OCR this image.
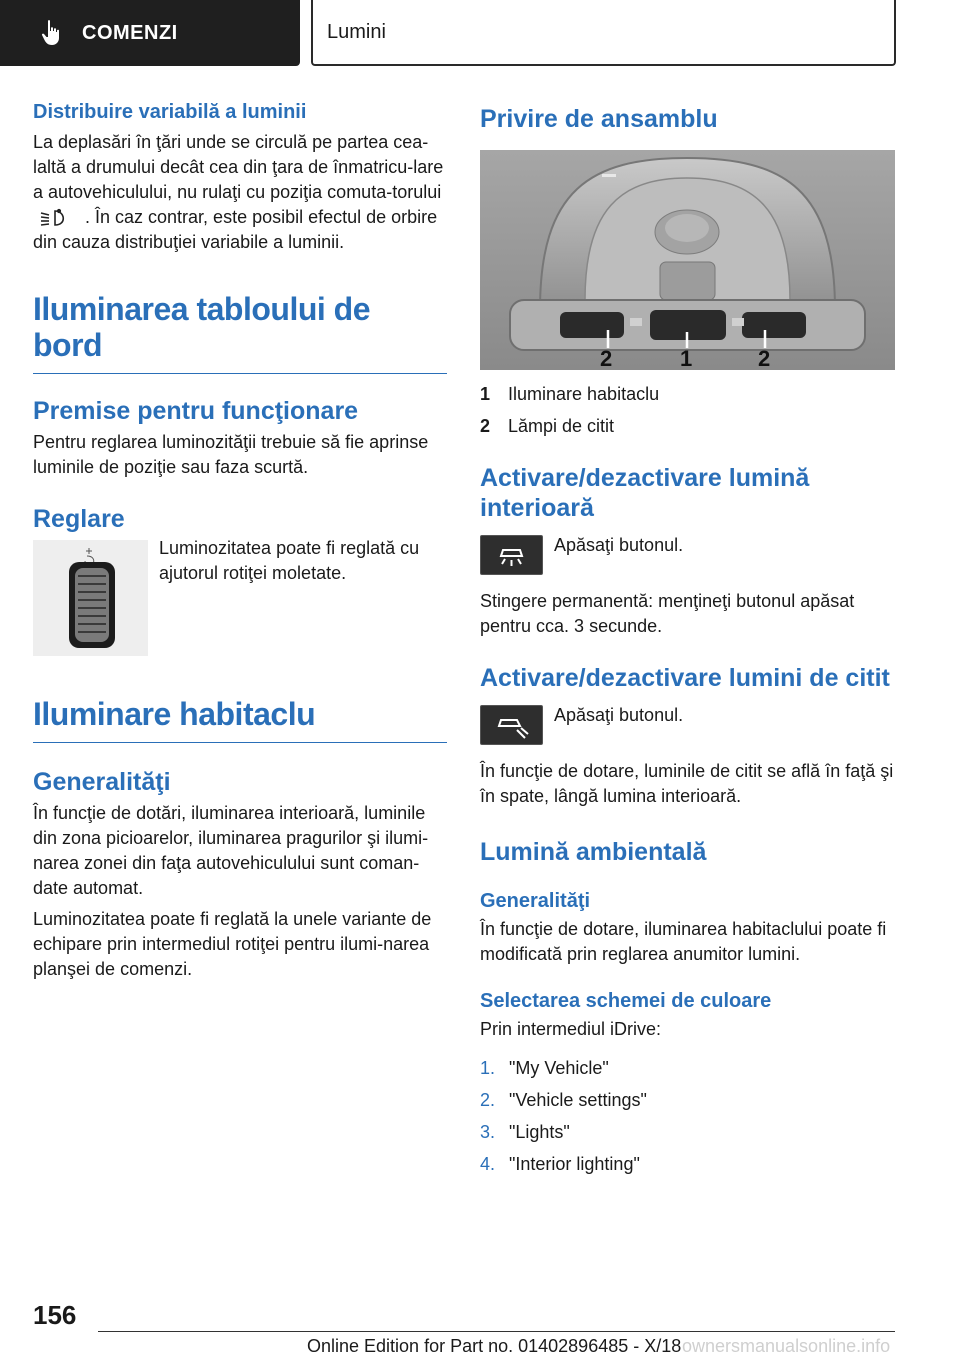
COMENZI	Lumini
Distribuire variabilă a luminii

La deplasări în ţări unde se circulă pe partea cea-laltă a drumului decât cea din ţara de înmatricu-lare a autovehiculului, nu rulaţi cu poziţia comuta-torului. În caz contrar, este posibil efectul de orbire din cauza distribuţiei variabile a luminii.

Iluminarea tabloului de bord
Premise pentru funcţionare

Pentru reglarea luminozităţii trebuie să fie aprinse luminile de poziţie sau faza scurtă.

Reglare

Luminozitatea poate fi reglată cu ajutorul rotiţei moletate.

Iluminare habitaclu
Generalităţi

În funcţie de dotări, iluminarea interioară, luminile din zona picioarelor, iluminarea pragurilor şi ilumi-narea zonei din faţa autovehiculului sunt coman-date automat.

Luminozitatea poate fi reglată la unele variante de echipare prin intermediul rotiţei pentru ilumi-narea planşei de comenzi.

Privire de ansamblu
2	1	2
1 Iluminare habitaclu
2 Lămpi de citit
Activare/dezactivare lumină interioară

Apăsaţi butonul.

Stingere permanentă: menţineţi butonul apăsat pentru cca. 3 secunde.

Activare/dezactivare lumini de citit

Apăsaţi butonul.

În funcţie de dotare, luminile de citit se află în faţă şi în spate, lângă lumina interioară.

Lumină ambientală
Generalităţi

În funcţie de dotare, iluminarea habitaclului poate fi modificată prin reglarea anumitor lumini.

Selectarea schemei de culoare

Prin intermediul iDrive:

1. "My Vehicle"
2. "Vehicle settings"
3. "Lights"
4. "Interior lighting"
156
Online Edition for Part no. 01402896485 - X/18 ownersmanualsonline.info
